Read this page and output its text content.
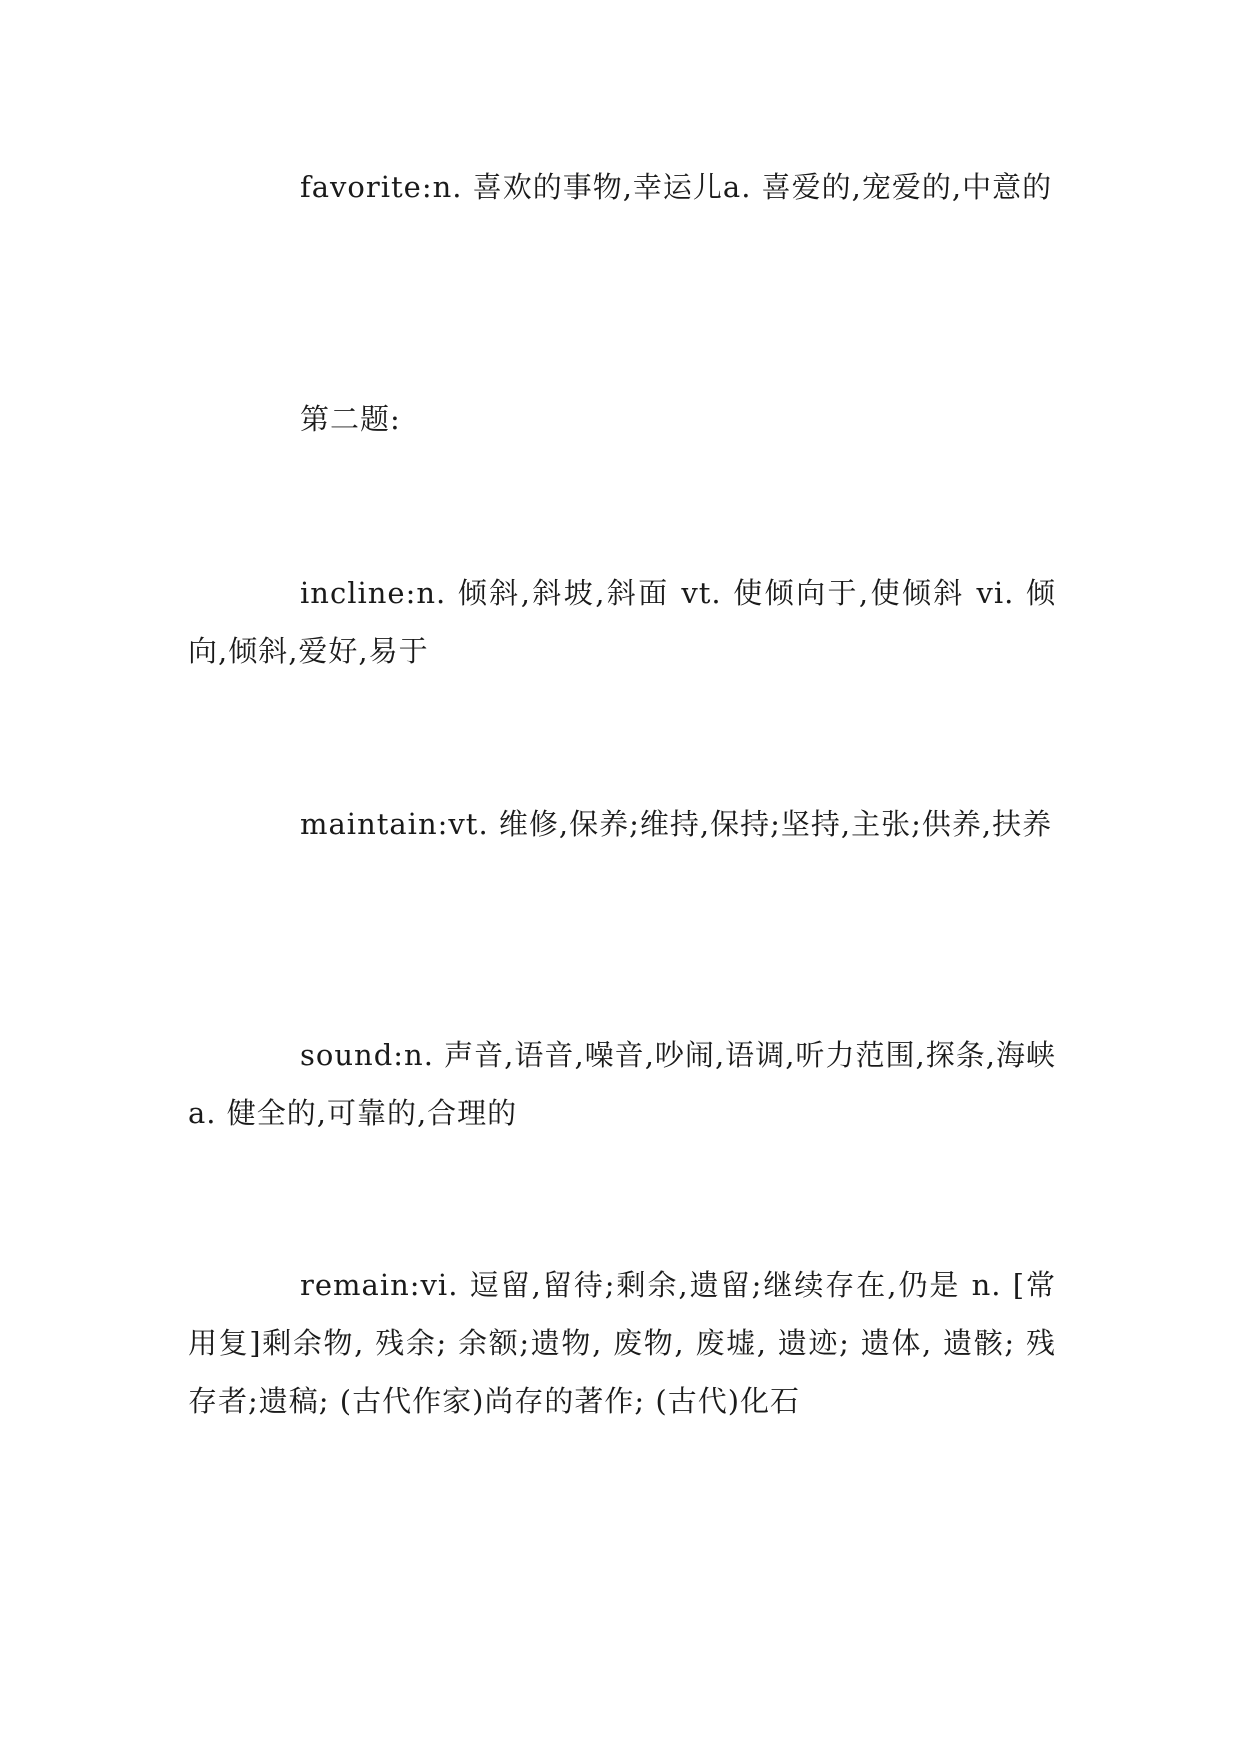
favorite:n. 喜欢的事物,幸运儿a. 喜爱的,宠爱的,中意的

第二题:

incline:n. 倾斜,斜坡,斜面 vt. 使倾向于,使倾斜 vi. 倾向,倾斜,爱好,易于

maintain:vt. 维修,保养;维持,保持;坚持,主张;供养,扶养

sound:n. 声音,语音,噪音,吵闹,语调,听力范围,探条,海峡 a. 健全的,可靠的,合理的

remain:vi. 逗留,留待;剩余,遗留;继续存在,仍是 n. [常用复]剩余物, 残余; 余额;遗物, 废物, 废墟, 遗迹; 遗体, 遗骸; 残存者;遗稿; (古代作家)尚存的著作; (古代)化石
